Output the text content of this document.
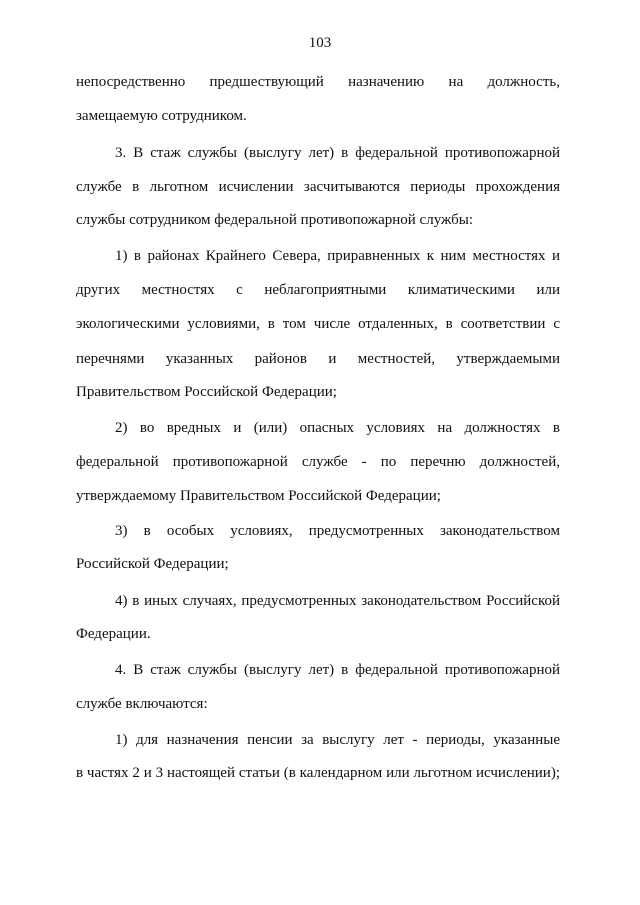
103
непосредственно предшествующий назначению на должность,
замещаемую сотрудником.
3. В стаж службы (выслугу лет) в федеральной противопожарной
службе в льготном исчислении засчитываются периоды прохождения
службы сотрудником федеральной противопожарной службы:
1) в районах Крайнего Севера, приравненных к ним местностях и
других местностях с неблагоприятными климатическими или
экологическими условиями, в том числе отдаленных, в соответствии с
перечнями указанных районов и местностей, утверждаемыми
Правительством Российской Федерации;
2) во вредных и (или) опасных условиях на должностях в
федеральной противопожарной службе - по перечню должностей,
утверждаемому Правительством Российской Федерации;
3) в особых условиях, предусмотренных законодательством
Российской Федерации;
4) в иных случаях, предусмотренных законодательством Российской
Федерации.
4. В стаж службы (выслугу лет) в федеральной противопожарной
службе включаются:
1) для назначения пенсии за выслугу лет - периоды, указанные
в частях 2 и 3 настоящей статьи (в календарном или льготном исчислении);
